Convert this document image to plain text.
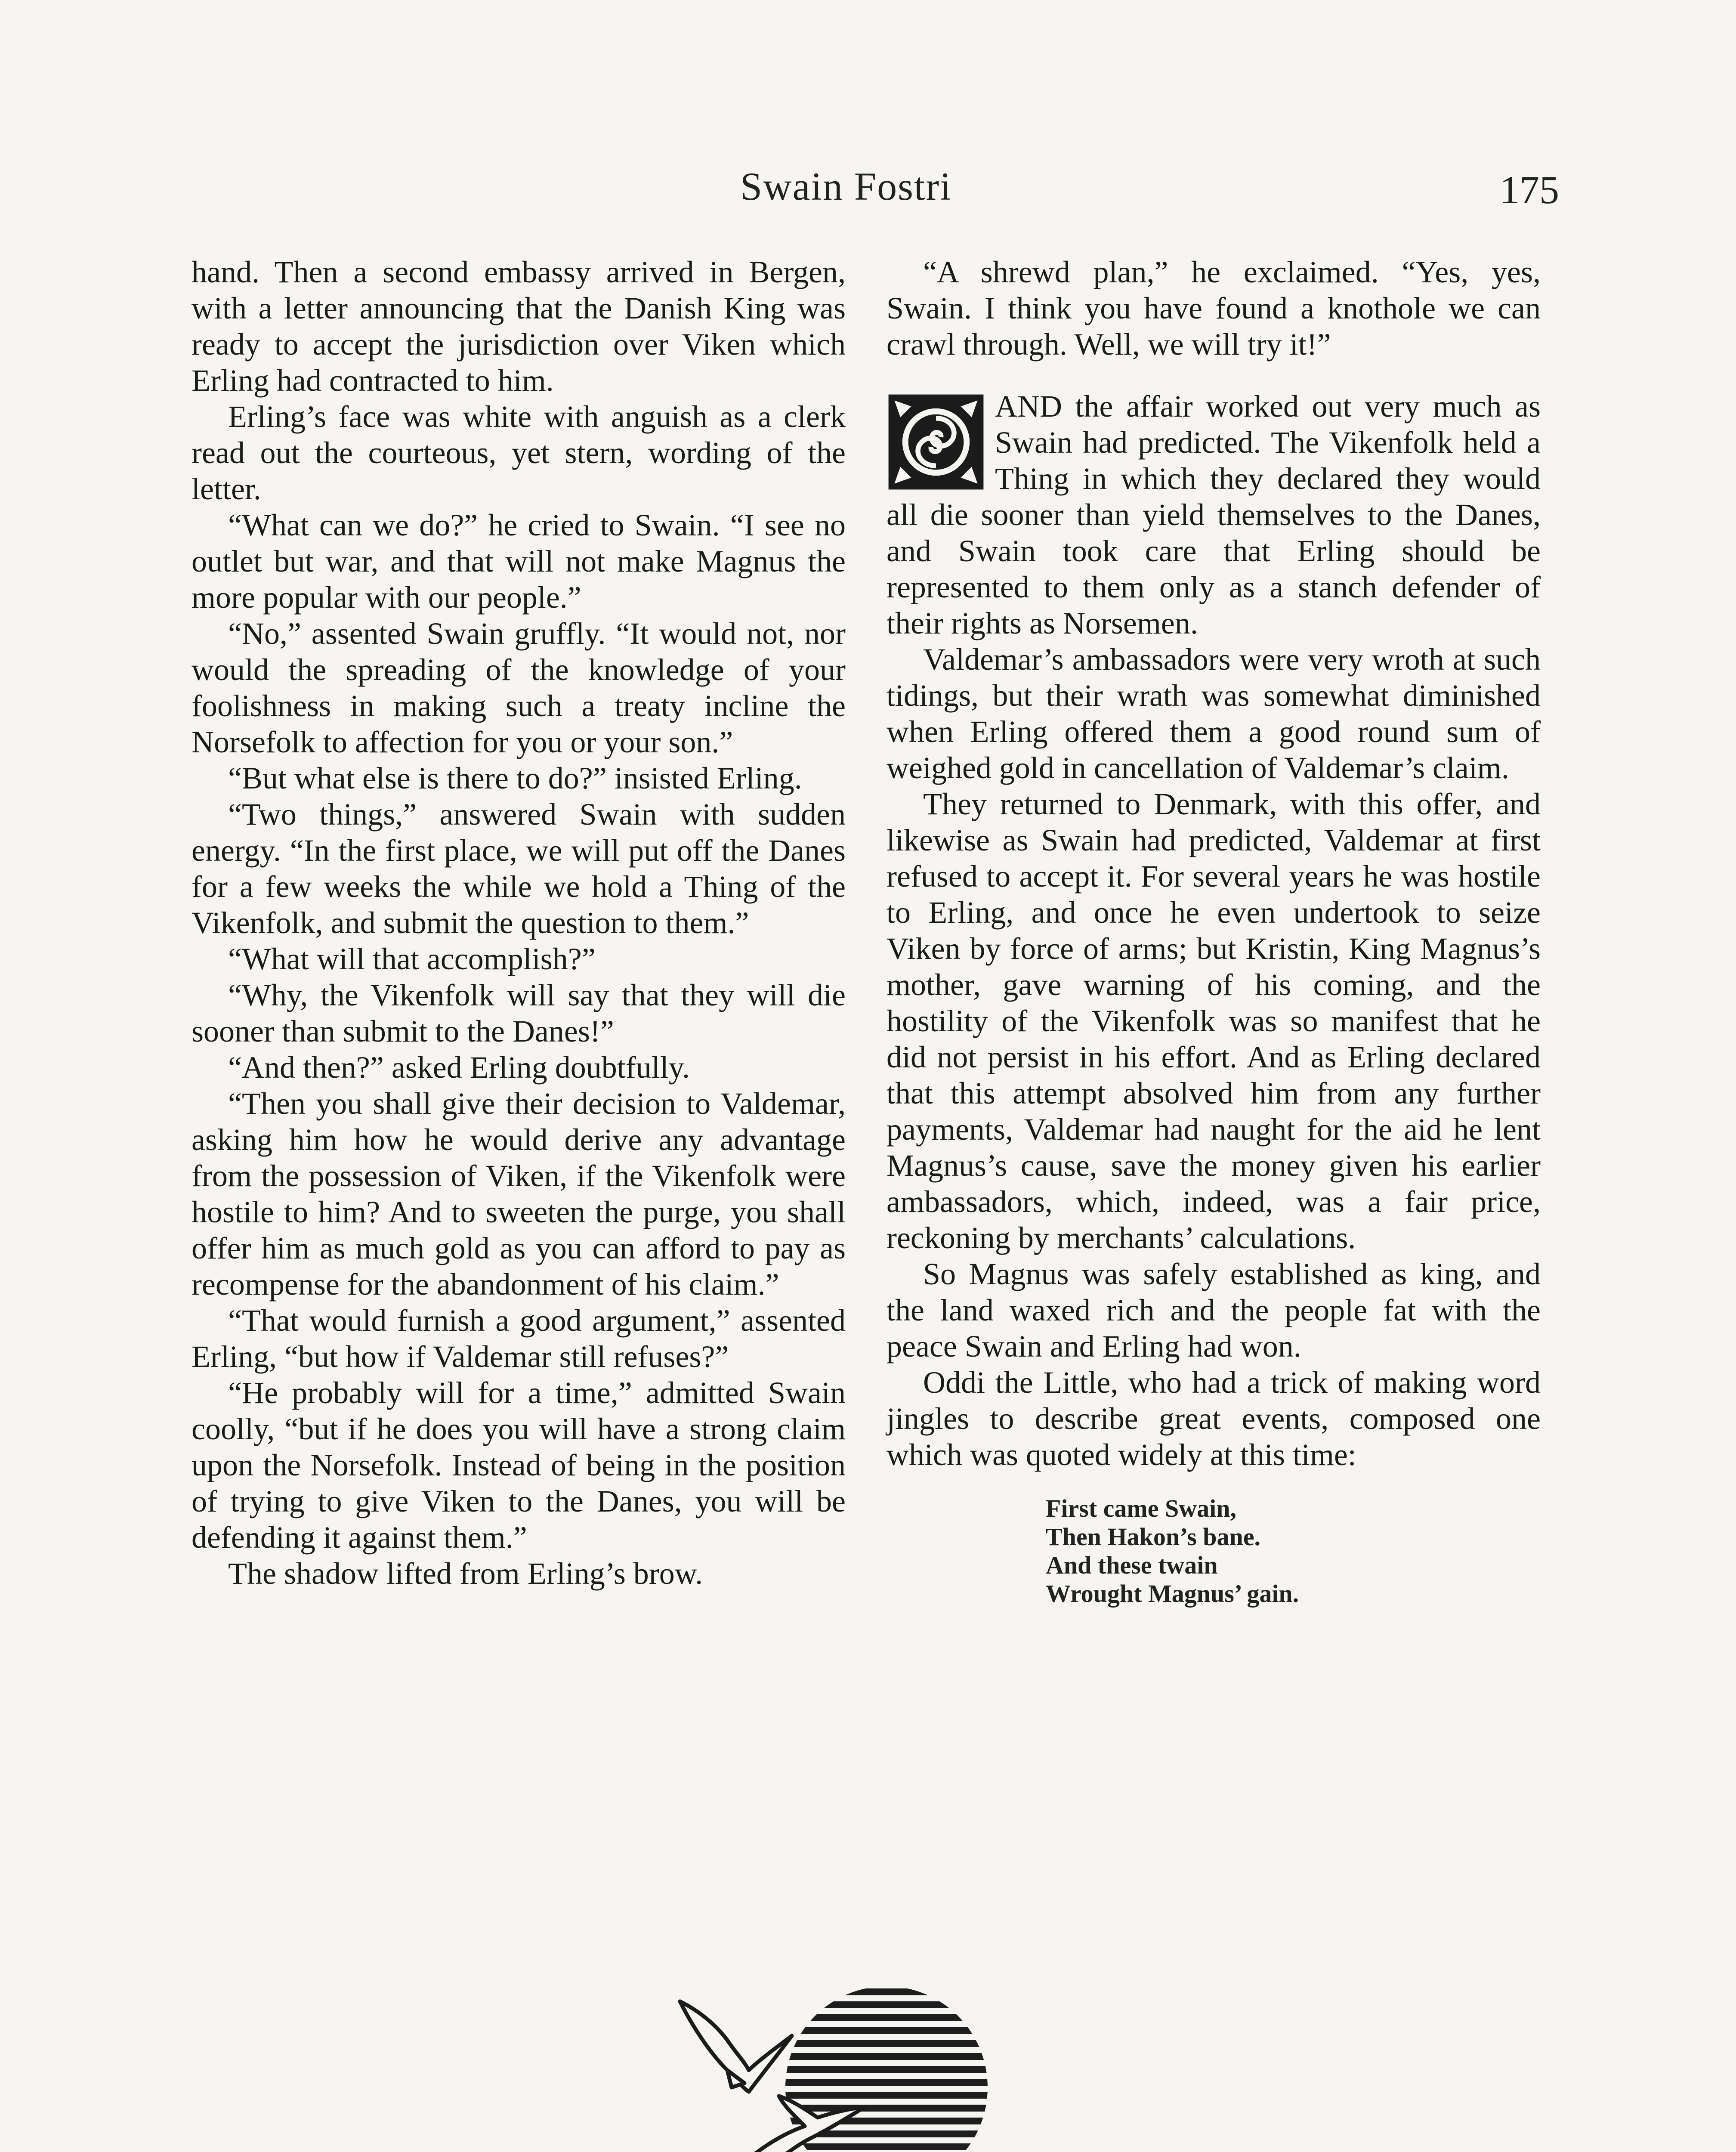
Swain Fostri	175

hand. Then a second embassy arrived in Bergen, with a letter announcing that the Danish King was ready to accept the jurisdiction over Viken which Erling had contracted to him.

Erling’s face was white with anguish as a clerk read out the courteous, yet stern, wording of the letter.

“What can we do?” he cried to Swain. “I see no outlet but war, and that will not make Magnus the more popular with our people.”

“No,” assented Swain gruffly. “It would not, nor would the spreading of the knowledge of your foolishness in making such a treaty incline the Norsefolk to affection for you or your son.”

“But what else is there to do?” insisted Erling.

“Two things,” answered Swain with sudden energy. “In the first place, we will put off the Danes for a few weeks the while we hold a Thing of the Vikenfolk, and submit the question to them.”

“What will that accomplish?”

“Why, the Vikenfolk will say that they will die sooner than submit to the Danes!”

“And then?” asked Erling doubtfully.

“Then you shall give their decision to Valdemar, asking him how he would derive any advantage from the possession of Viken, if the Vikenfolk were hostile to him? And to sweeten the purge, you shall offer him as much gold as you can afford to pay as recompense for the abandonment of his claim.”

“That would furnish a good argument,” assented Erling, “but how if Valdemar still refuses?”

“He probably will for a time,” admitted Swain coolly, “but if he does you will have a strong claim upon the Norsefolk. Instead of being in the position of trying to give Viken to the Danes, you will be defending it against them.”

The shadow lifted from Erling’s brow.

“A shrewd plan,” he exclaimed. “Yes, yes, Swain. I think you have found a knothole we can crawl through. Well, we will try it!”

AND the affair worked out very much as Swain had predicted. The Vikenfolk held a Thing in which they declared they would all die sooner than yield themselves to the Danes, and Swain took care that Erling should be represented to them only as a stanch defender of their rights as Norsemen.

Valdemar’s ambassadors were very wroth at such tidings, but their wrath was somewhat diminished when Erling offered them a good round sum of weighed gold in cancellation of Valdemar’s claim.

They returned to Denmark, with this offer, and likewise as Swain had predicted, Valdemar at first refused to accept it. For several years he was hostile to Erling, and once he even undertook to seize Viken by force of arms; but Kristin, King Magnus’s mother, gave warning of his coming, and the hostility of the Vikenfolk was so manifest that he did not persist in his effort. And as Erling declared that this attempt absolved him from any further payments, Valdemar had naught for the aid he lent Magnus’s cause, save the money given his earlier ambassadors, which, indeed, was a fair price, reckoning by merchants’ calculations.

So Magnus was safely established as king, and the land waxed rich and the people fat with the peace Swain and Erling had won.

Oddi the Little, who had a trick of making word jingles to describe great events, composed one which was quoted widely at this time:

First came Swain,
Then Hakon’s bane.
And these twain
Wrought Magnus’ gain.
